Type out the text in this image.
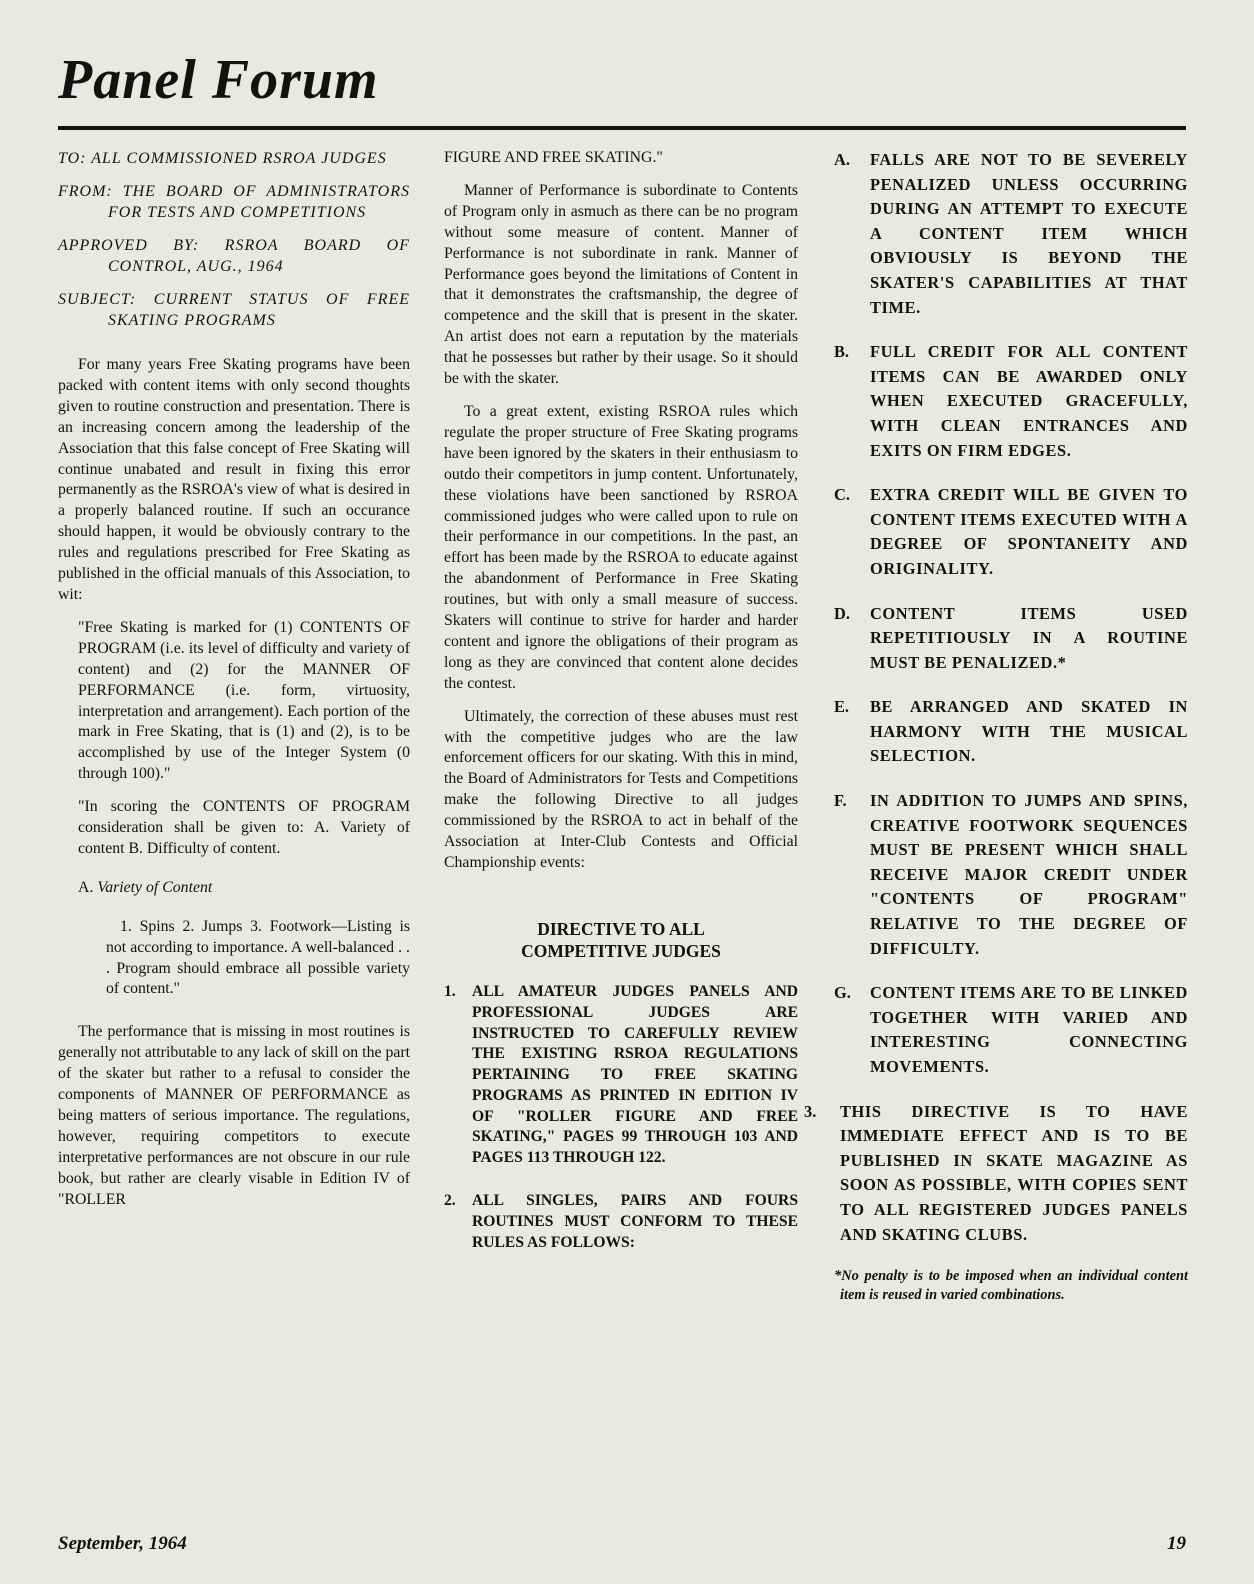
Panel Forum
TO: ALL COMMISSIONED RSROA JUDGES
FROM: THE BOARD OF ADMINISTRATORS FOR TESTS AND COMPETITIONS
APPROVED BY: RSROA BOARD OF CONTROL, AUG., 1964
SUBJECT: CURRENT STATUS OF FREE SKATING PROGRAMS

For many years Free Skating programs have been packed with content items with only second thoughts given to routine construction and presentation. There is an increasing concern among the leadership of the Association that this false concept of Free Skating will continue unabated and result in fixing this error permanently as the RSROA's view of what is desired in a properly balanced routine. If such an occurance should happen, it would be obviously contrary to the rules and regulations prescribed for Free Skating as published in the official manuals of this Association, to wit:

"Free Skating is marked for (1) CONTENTS OF PROGRAM (i.e. its level of difficulty and variety of content) and (2) for the MANNER OF PERFORMANCE (i.e. form, virtuosity, interpretation and arrangement). Each portion of the mark in Free Skating, that is (1) and (2), is to be accomplished by use of the Integer System (0 through 100)."

"In scoring the CONTENTS OF PROGRAM consideration shall be given to: A. Variety of content B. Difficulty of content.

A. Variety of Content

1. Spins 2. Jumps 3. Footwork—Listing is not according to importance. A well-balanced . . . Program should embrace all possible variety of content."

The performance that is missing in most routines is generally not attributable to any lack of skill on the part of the skater but rather to a refusal to consider the components of MANNER OF PERFORMANCE as being matters of serious importance. The regulations, however, requiring competitors to execute interpretative performances are not obscure in our rule book, but rather are clearly visable in Edition IV of "ROLLER

FIGURE AND FREE SKATING."

Manner of Performance is subordinate to Contents of Program only in asmuch as there can be no program without some measure of content. Manner of Performance is not subordinate in rank. Manner of Performance goes beyond the limitations of Content in that it demonstrates the craftsmanship, the degree of competence and the skill that is present in the skater. An artist does not earn a reputation by the materials that he possesses but rather by their usage. So it should be with the skater.

To a great extent, existing RSROA rules which regulate the proper structure of Free Skating programs have been ignored by the skaters in their enthusiasm to outdo their competitors in jump content. Unfortunately, these violations have been sanctioned by RSROA commissioned judges who were called upon to rule on their performance in our competitions. In the past, an effort has been made by the RSROA to educate against the abandonment of Performance in Free Skating routines, but with only a small measure of success. Skaters will continue to strive for harder and harder content and ignore the obligations of their program as long as they are convinced that content alone decides the contest.

Ultimately, the correction of these abuses must rest with the competitive judges who are the law enforcement officers for our skating. With this in mind, the Board of Administrators for Tests and Competitions make the following Directive to all judges commissioned by the RSROA to act in behalf of the Association at Inter-Club Contests and Official Championship events:

DIRECTIVE TO ALL COMPETITIVE JUDGES
1.	ALL AMATEUR JUDGES PANELS AND PROFESSIONAL JUDGES ARE INSTRUCTED TO CAREFULLY REVIEW THE EXISTING RSROA REGULATIONS PERTAINING TO FREE SKATING PROGRAMS AS PRINTED IN EDITION IV OF "ROLLER FIGURE AND FREE SKATING," PAGES 99 THROUGH 103 AND PAGES 113 THROUGH 122.
2.	ALL SINGLES, PAIRS AND FOURS ROUTINES MUST CONFORM TO THESE RULES AS FOLLOWS:
A.	FALLS ARE NOT TO BE SEVERELY PENALIZED UNLESS OCCURRING DURING AN ATTEMPT TO EXECUTE A CONTENT ITEM WHICH OBVIOUSLY IS BEYOND THE SKATER'S CAPABILITIES AT THAT TIME.
B.	FULL CREDIT FOR ALL CONTENT ITEMS CAN BE AWARDED ONLY WHEN EXECUTED GRACEFULLY, WITH CLEAN ENTRANCES AND EXITS ON FIRM EDGES.
C.	EXTRA CREDIT WILL BE GIVEN TO CONTENT ITEMS EXECUTED WITH A DEGREE OF SPONTANEITY AND ORIGINALITY.
D.	CONTENT ITEMS USED REPETITIOUSLY IN A ROUTINE MUST BE PENALIZED.*
E.	BE ARRANGED AND SKATED IN HARMONY WITH THE MUSICAL SELECTION.
F.	IN ADDITION TO JUMPS AND SPINS, CREATIVE FOOTWORK SEQUENCES MUST BE PRESENT WHICH SHALL RECEIVE MAJOR CREDIT UNDER "CONTENTS OF PROGRAM" RELATIVE TO THE DEGREE OF DIFFICULTY.
G.	CONTENT ITEMS ARE TO BE LINKED TOGETHER WITH VARIED AND INTERESTING CONNECTING MOVEMENTS.
3.	THIS DIRECTIVE IS TO HAVE IMMEDIATE EFFECT AND IS TO BE PUBLISHED IN SKATE MAGAZINE AS SOON AS POSSIBLE, WITH COPIES SENT TO ALL REGISTERED JUDGES PANELS AND SKATING CLUBS.
*No penalty is to be imposed when an individual content item is reused in varied combinations.
September, 1964	19
